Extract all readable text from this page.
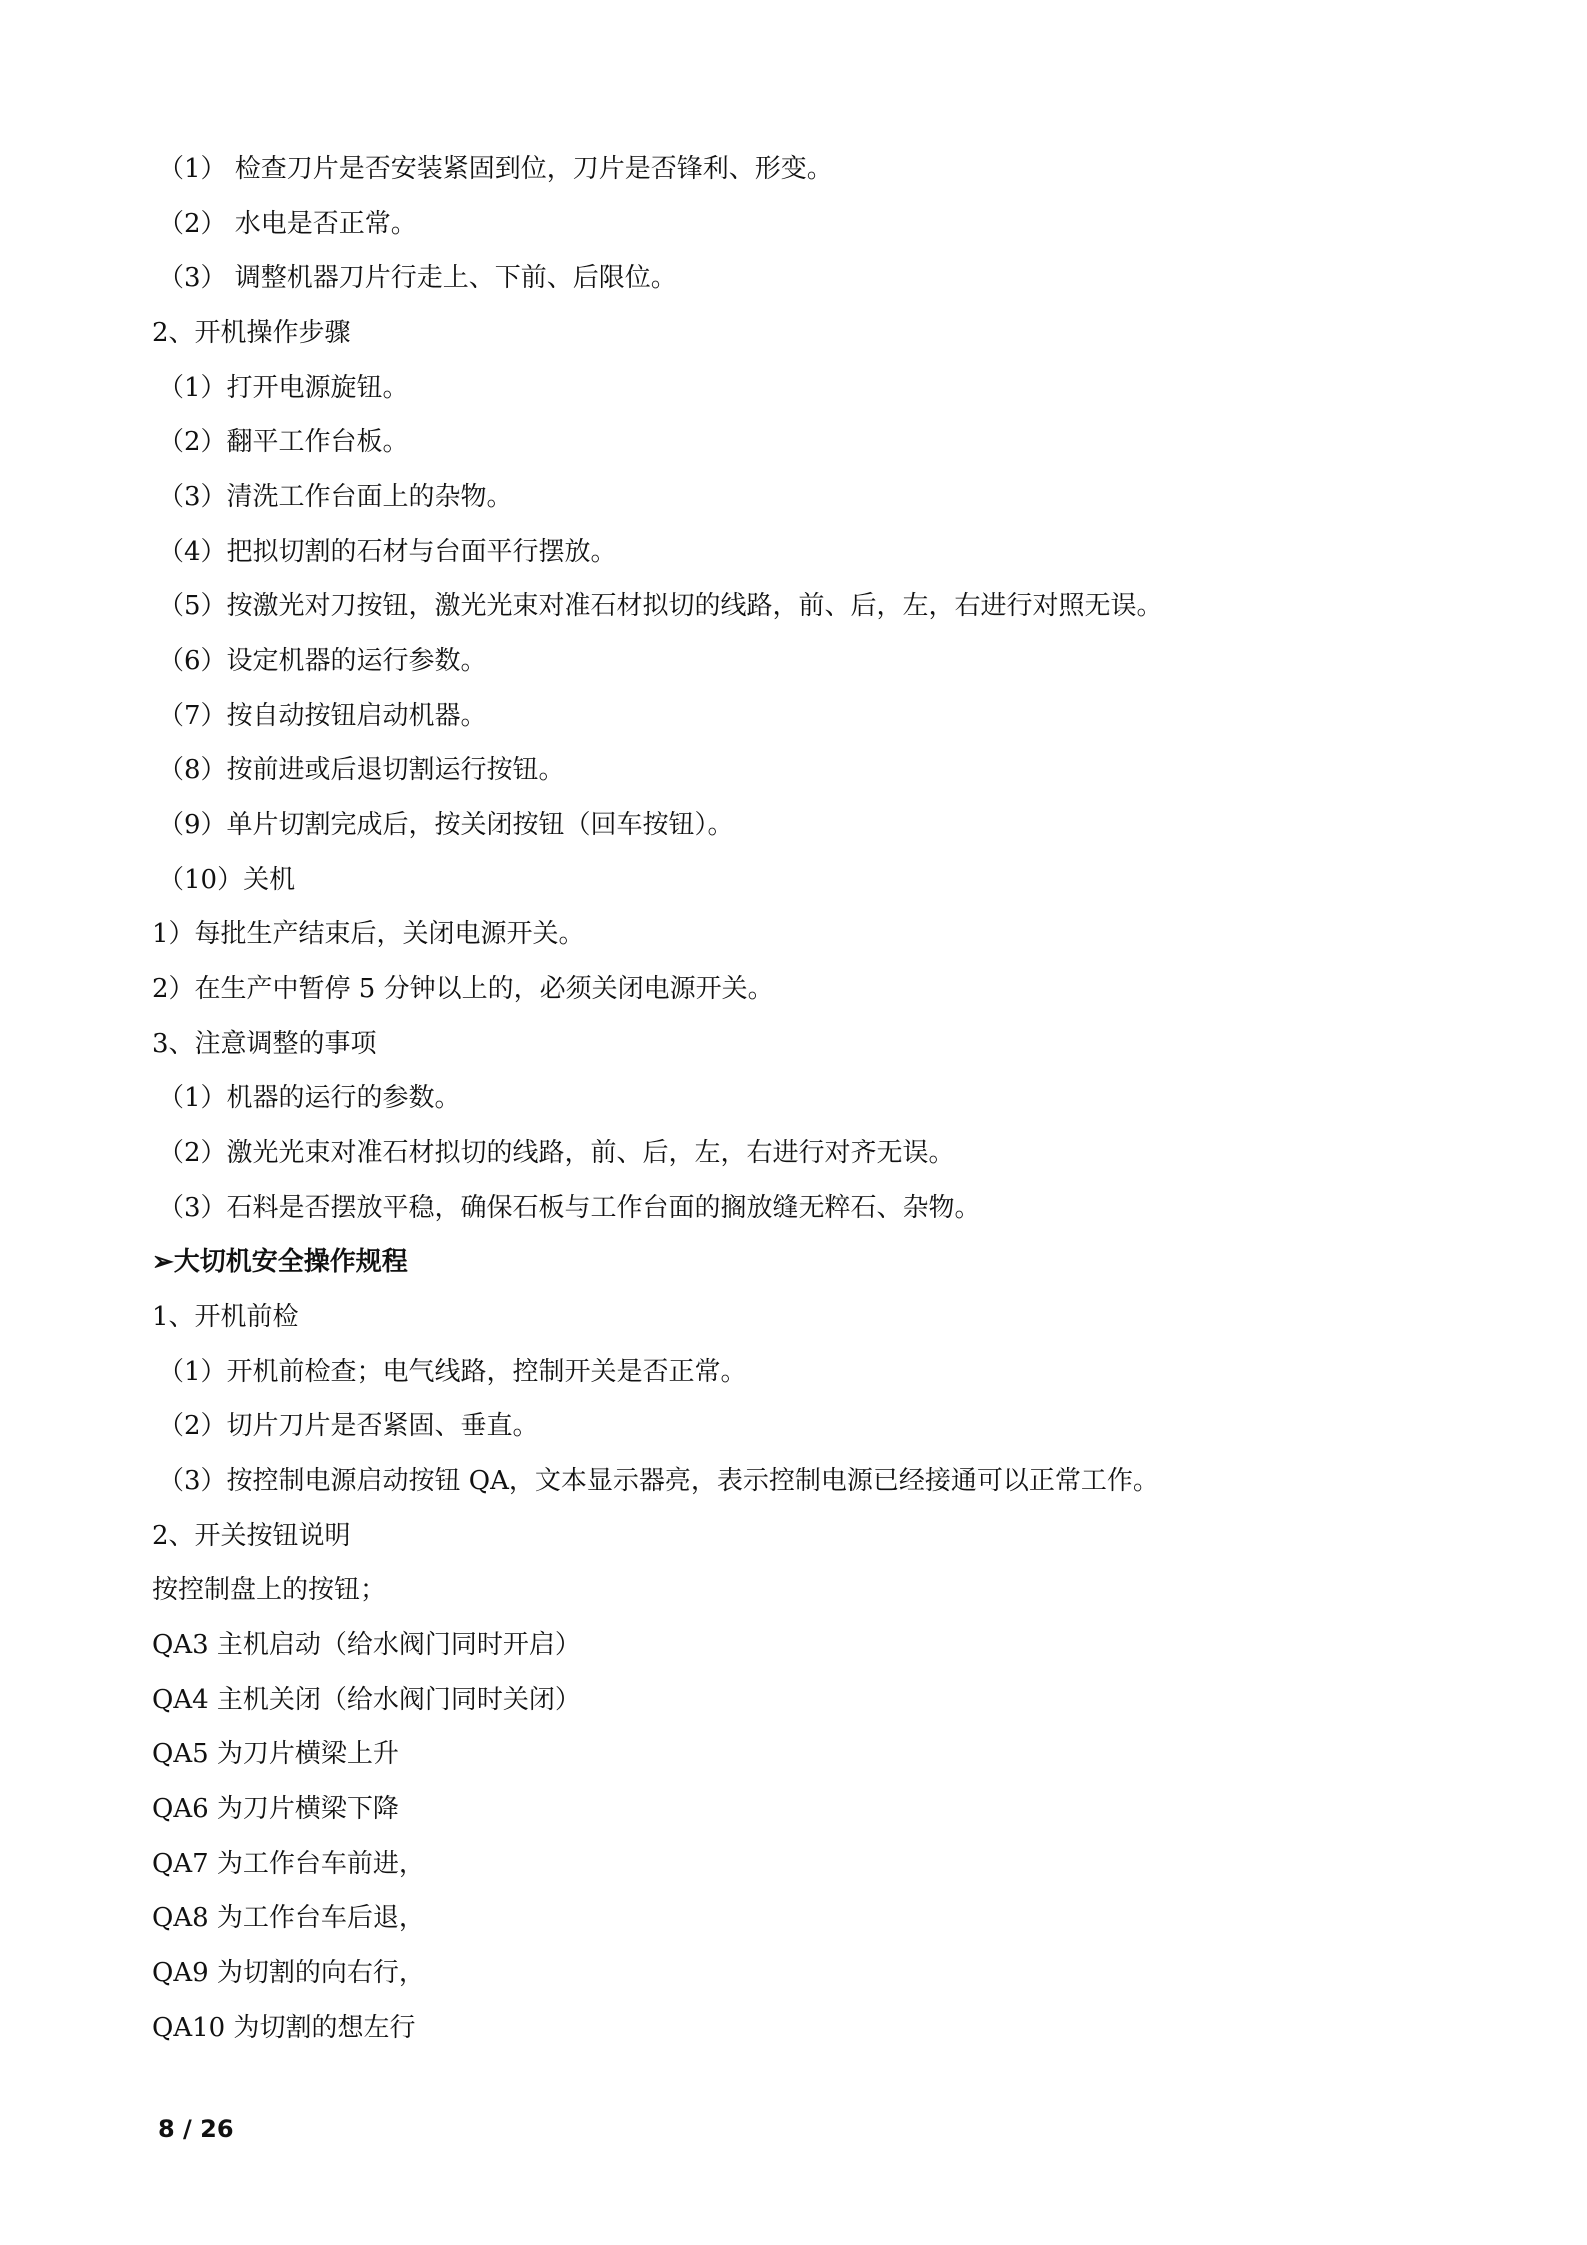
（1） 检查刀片是否安装紧固到位，刀片是否锋利、形变。
（2） 水电是否正常。
（3） 调整机器刀片行走上、下前、后限位。
2、开机操作步骤
（1）打开电源旋钮。
（2）翻平工作台板。
（3）清洗工作台面上的杂物。
（4）把拟切割的石材与台面平行摆放。
（5）按激光对刀按钮，激光光束对准石材拟切的线路，前、后，左，右进行对照无误。
（6）设定机器的运行参数。
（7）按自动按钮启动机器。
（8）按前进或后退切割运行按钮。
（9）单片切割完成后，按关闭按钮（回车按钮）。
（10）关机
1）每批生产结束后，关闭电源开关。
2）在生产中暂停 5 分钟以上的，必须关闭电源开关。
3、注意调整的事项
（1）机器的运行的参数。
（2）激光光束对准石材拟切的线路，前、后，左，右进行对齐无误。
（3）石料是否摆放平稳，确保石板与工作台面的搁放缝无粹石、杂物。
➢大切机安全操作规程
1、开机前检
（1）开机前检查；电气线路，控制开关是否正常。
（2）切片刀片是否紧固、垂直。
（3）按控制电源启动按钮 QA，文本显示器亮，表示控制电源已经接通可以正常工作。
2、开关按钮说明
按控制盘上的按钮；
QA3 主机启动（给水阀门同时开启）
QA4 主机关闭（给水阀门同时关闭）
QA5 为刀片横梁上升
QA6 为刀片横梁下降
QA7 为工作台车前进，
QA8 为工作台车后退，
QA9 为切割的向右行，
QA10 为切割的想左行
8 / 26
